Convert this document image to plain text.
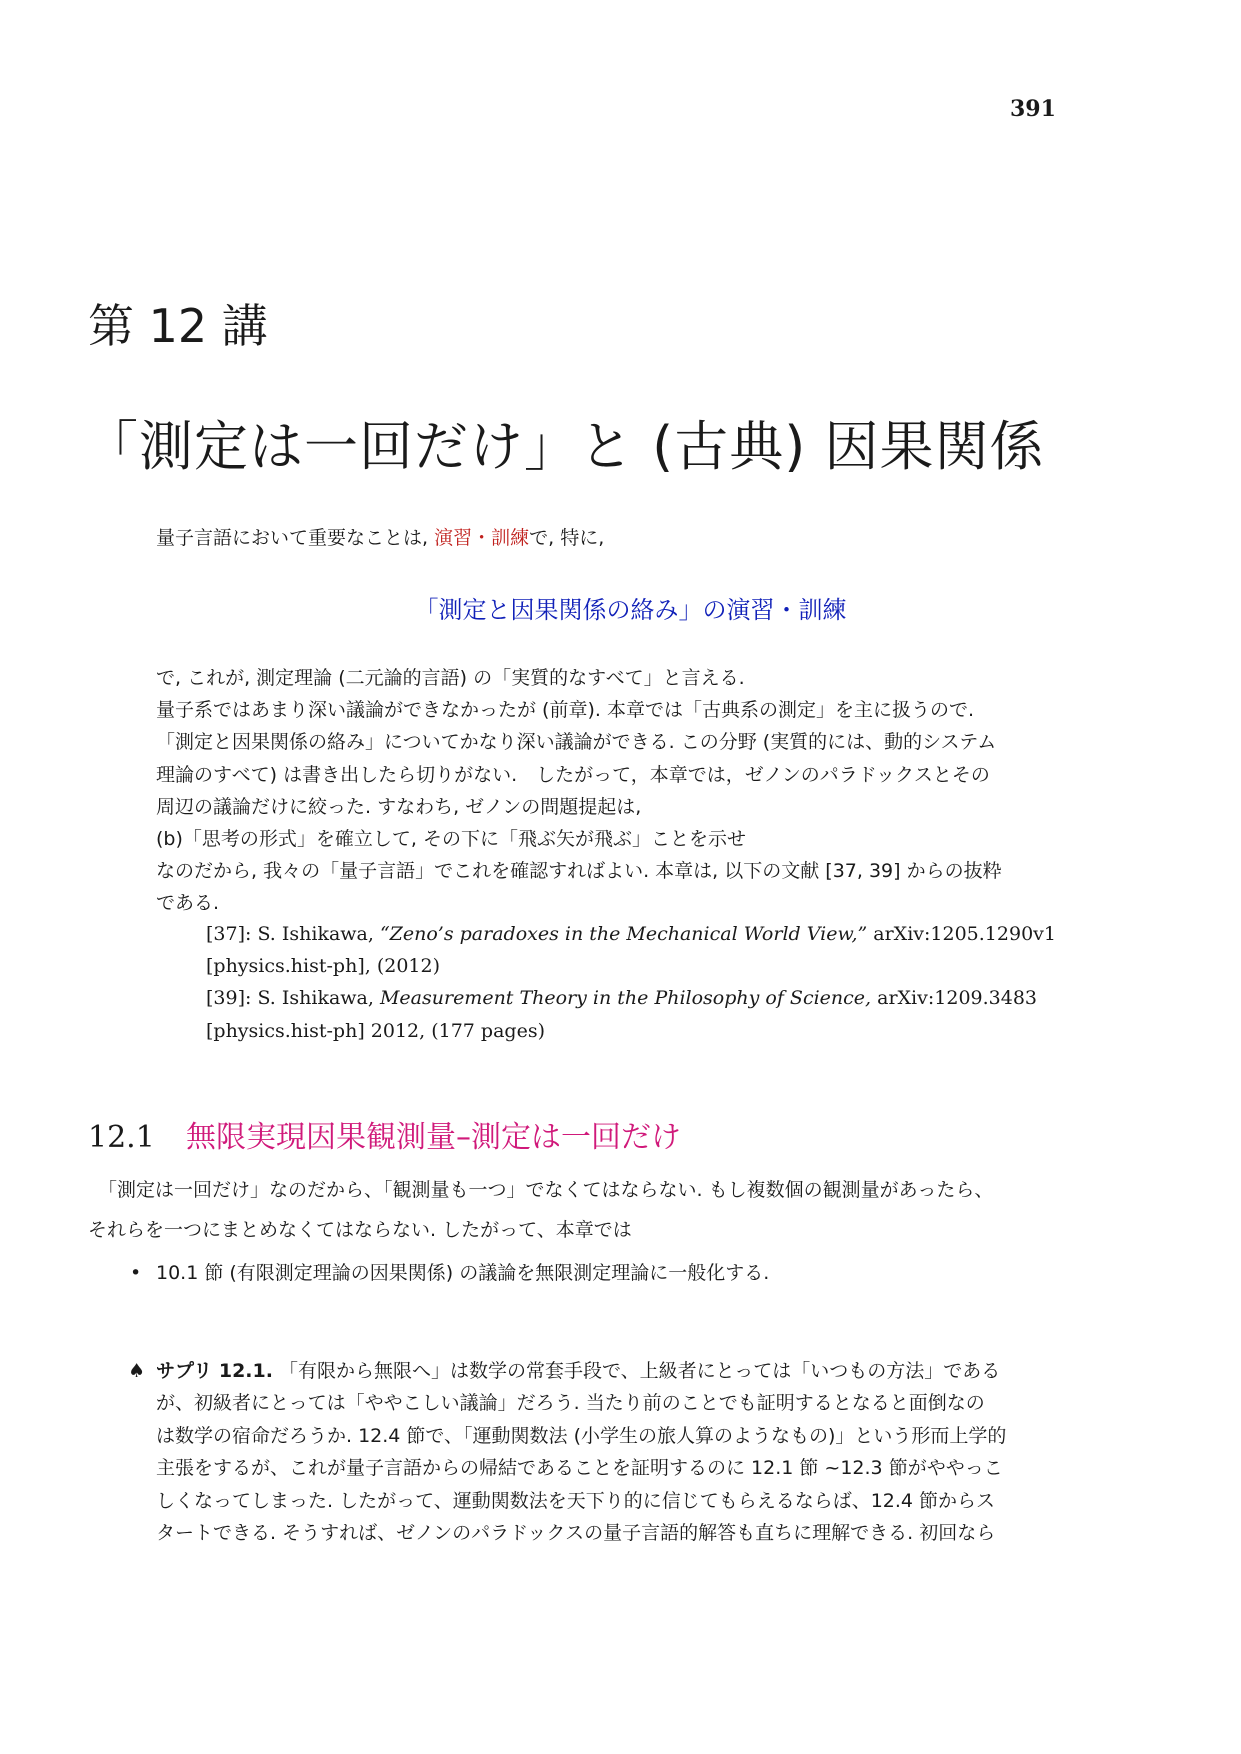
391
第 12 講
「測定は一回だけ」と (古典) 因果関係
量子言語において重要なことは, 演習・訓練で, 特に,
「測定と因果関係の絡み」の演習・訓練
で, これが, 測定理論 (二元論的言語) の「実質的なすべて」と言える.
量子系ではあまり深い議論ができなかったが (前章). 本章では「古典系の測定」を主に扱うので.
「測定と因果関係の絡み」についてかなり深い議論ができる. この分野 (実質的には、動的システム
理論のすべて) は書き出したら切りがない.　したがって，本章では，ゼノンのパラドックスとその
周辺の議論だけに絞った. すなわち, ゼノンの問題提起は,
(b)「思考の形式」を確立して, その下に「飛ぶ矢が飛ぶ」ことを示せ
なのだから, 我々の「量子言語」でこれを確認すればよい. 本章は, 以下の文献 [37, 39] からの抜粋
である.
[37]: S. Ishikawa, “Zeno’s paradoxes in the Mechanical World View,” arXiv:1205.1290v1
[physics.hist-ph], (2012)
[39]: S. Ishikawa, Measurement Theory in the Philosophy of Science, arXiv:1209.3483
[physics.hist-ph] 2012, (177 pages)
12.1 無限実現因果観測量–測定は一回だけ
「測定は一回だけ」なのだから、「観測量も一つ」でなくてはならない. もし複数個の観測量があったら、
それらを一つにまとめなくてはならない. したがって、本章では
• 10.1 節 (有限測定理論の因果関係) の議論を無限測定理論に一般化する.
♠ サプリ 12.1. 「有限から無限へ」は数学の常套手段で、上級者にとっては「いつもの方法」である
が、初級者にとっては「ややこしい議論」だろう. 当たり前のことでも証明するとなると面倒なの
は数学の宿命だろうか. 12.4 節で、「運動関数法 (小学生の旅人算のようなもの)」という形而上学的
主張をするが、これが量子言語からの帰結であることを証明するのに 12.1 節 ~12.3 節がややっこ
しくなってしまった. したがって、運動関数法を天下り的に信じてもらえるならば、12.4 節からス
タートできる. そうすれば、ゼノンのパラドックスの量子言語的解答も直ちに理解できる. 初回なら
